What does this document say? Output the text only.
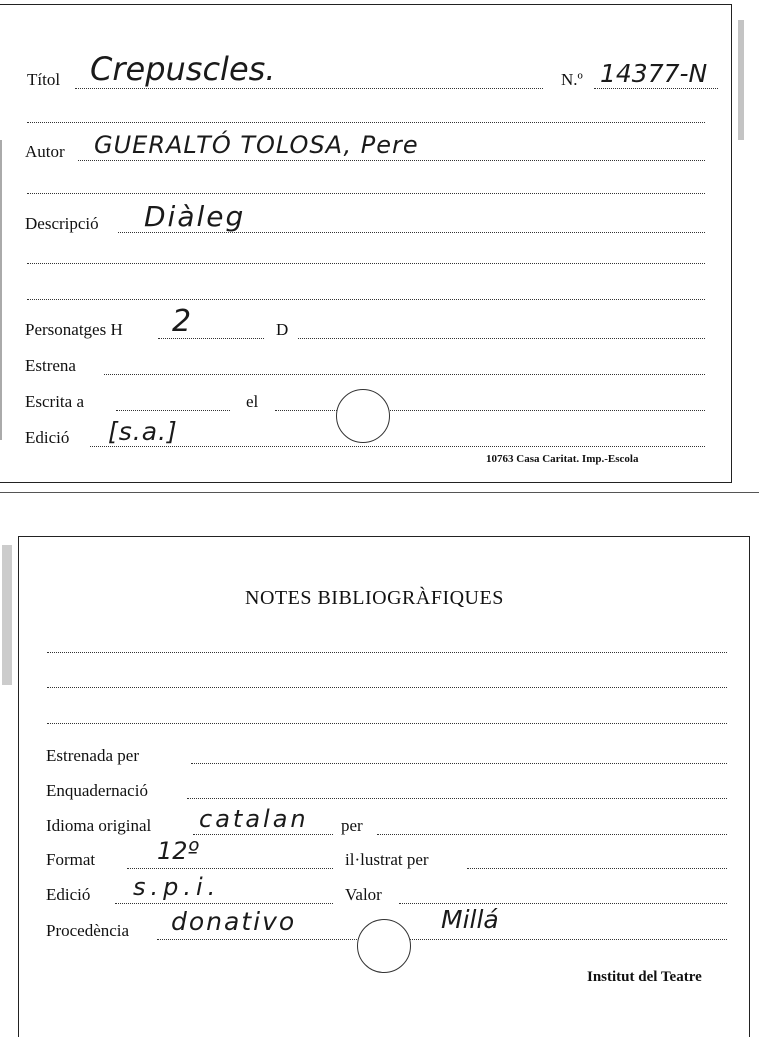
Títol Crepuscles.	N.º 14377-N
Autor GUERALTÓ TOLOSA, Pere
Descripció Diàleg
Personatges H 2	D
Estrena
Escrita a	el
Edició [s.a.]
10763 Casa Caritat. Imp.-Escola
NOTES BIBLIOGRÀFIQUES
Estrenada per
Enquadernació
Idioma original catalan per
Format	12º	il·lustrat per
Edició s.p.i.	Valor
Procedència donativo	Millá
Institut del Teatre
